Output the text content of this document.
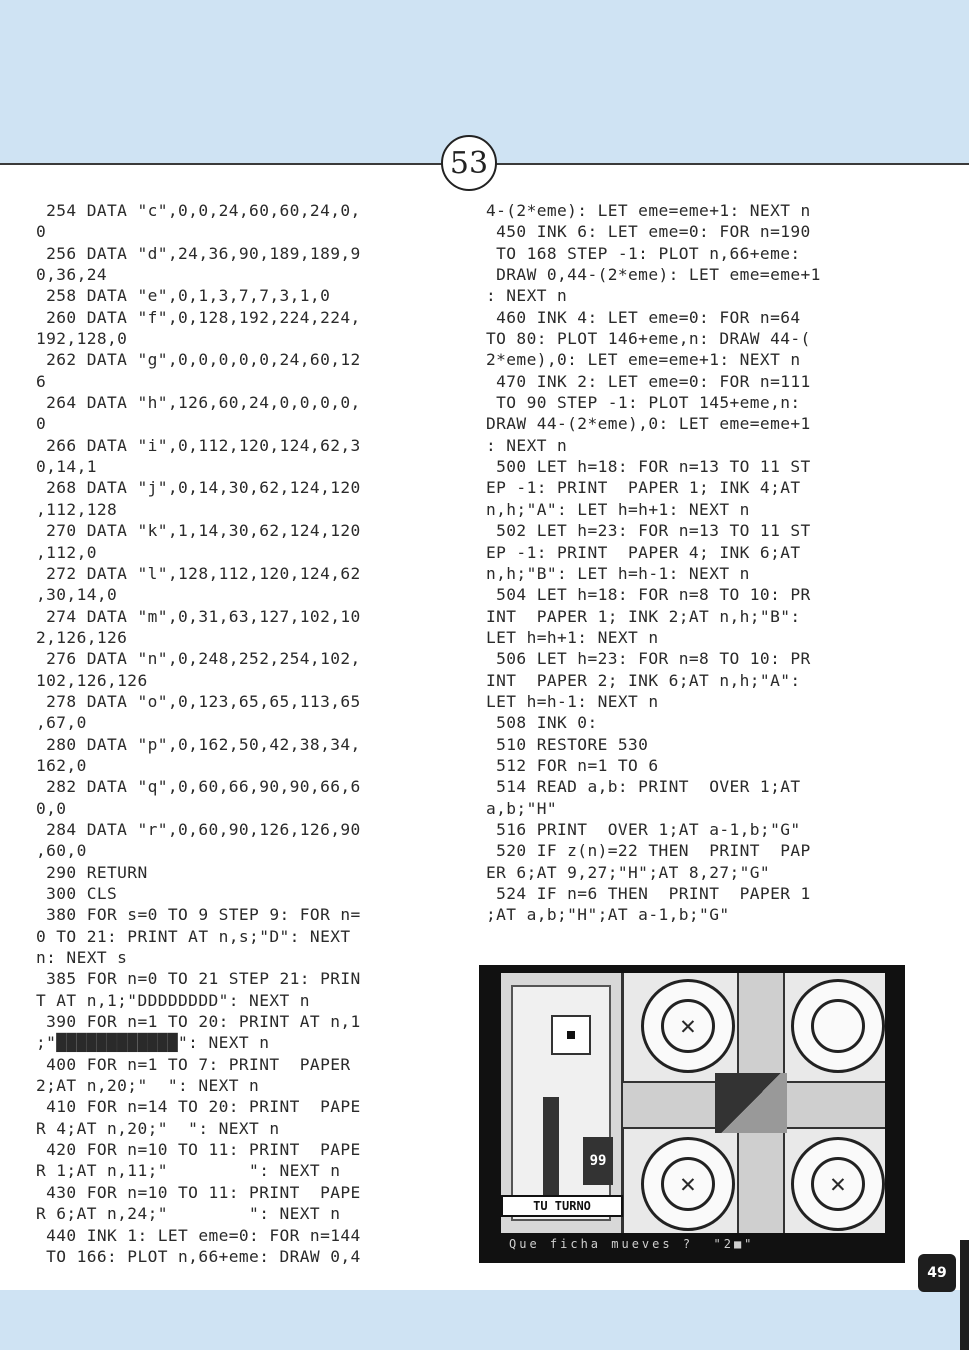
53
254 DATA "c",0,0,24,60,60,24,0,
0
256 DATA "d",24,36,90,189,189,9
0,36,24
258 DATA "e",0,1,3,7,7,3,1,0
260 DATA "f",0,128,192,224,224,
192,128,0
262 DATA "g",0,0,0,0,0,24,60,12
6
264 DATA "h",126,60,24,0,0,0,0,
0
266 DATA "i",0,112,120,124,62,3
0,14,1
268 DATA "j",0,14,30,62,124,120
,112,128
270 DATA "k",1,14,30,62,124,120
,112,0
272 DATA "l",128,112,120,124,62
,30,14,0
274 DATA "m",0,31,63,127,102,10
2,126,126
276 DATA "n",0,248,252,254,102,
102,126,126
278 DATA "o",0,123,65,65,113,65
,67,0
280 DATA "p",0,162,50,42,38,34,
162,0
282 DATA "q",0,60,66,90,90,66,6
0,0
284 DATA "r",0,60,90,126,126,90
,60,0
290 RETURN
300 CLS
380 FOR s=0 TO 9 STEP 9: FOR n=
0 TO 21: PRINT AT n,s;"D": NEXT
n: NEXT s
385 FOR n=0 TO 21 STEP 21: PRIN
T AT n,1;"DDDDDDDD": NEXT n
390 FOR n=1 TO 20: PRINT AT n,1
;"████████████": NEXT n
400 FOR n=1 TO 7: PRINT  PAPER
2;AT n,20;"  ": NEXT n
410 FOR n=14 TO 20: PRINT  PAPE
R 4;AT n,20;"  ": NEXT n
420 FOR n=10 TO 11: PRINT  PAPE
R 1;AT n,11;"        ": NEXT n
430 FOR n=10 TO 11: PRINT  PAPE
R 6;AT n,24;"        ": NEXT n
440 INK 1: LET eme=0: FOR n=144
TO 166: PLOT n,66+eme: DRAW 0,4
4-(2*eme): LET eme=eme+1: NEXT n
450 INK 6: LET eme=0: FOR n=190
TO 168 STEP -1: PLOT n,66+eme:
DRAW 0,44-(2*eme): LET eme=eme+1
: NEXT n
460 INK 4: LET eme=0: FOR n=64
TO 80: PLOT 146+eme,n: DRAW 44-(
2*eme),0: LET eme=eme+1: NEXT n
470 INK 2: LET eme=0: FOR n=111
TO 90 STEP -1: PLOT 145+eme,n:
DRAW 44-(2*eme),0: LET eme=eme+1
: NEXT n
500 LET h=18: FOR n=13 TO 11 ST
EP -1: PRINT  PAPER 1; INK 4;AT
n,h;"A": LET h=h+1: NEXT n
502 LET h=23: FOR n=13 TO 11 ST
EP -1: PRINT  PAPER 4; INK 6;AT
n,h;"B": LET h=h-1: NEXT n
504 LET h=18: FOR n=8 TO 10: PR
INT  PAPER 1; INK 2;AT n,h;"B":
LET h=h+1: NEXT n
506 LET h=23: FOR n=8 TO 10: PR
INT  PAPER 2; INK 6;AT n,h;"A":
LET h=h-1: NEXT n
508 INK 0:
510 RESTORE 530
512 FOR n=1 TO 6
514 READ a,b: PRINT  OVER 1;AT
a,b;"H"
516 PRINT  OVER 1;AT a-1,b;"G"
520 IF z(n)=22 THEN  PRINT  PAP
ER 6;AT 9,27;"H";AT 8,27;"G"
524 IF n=6 THEN  PRINT  PAPER 1
;AT a,b;"H";AT a-1,b;"G"
99
TU TURNO
✕
✕	✕
Que ficha mueves ?  "2■"
49
